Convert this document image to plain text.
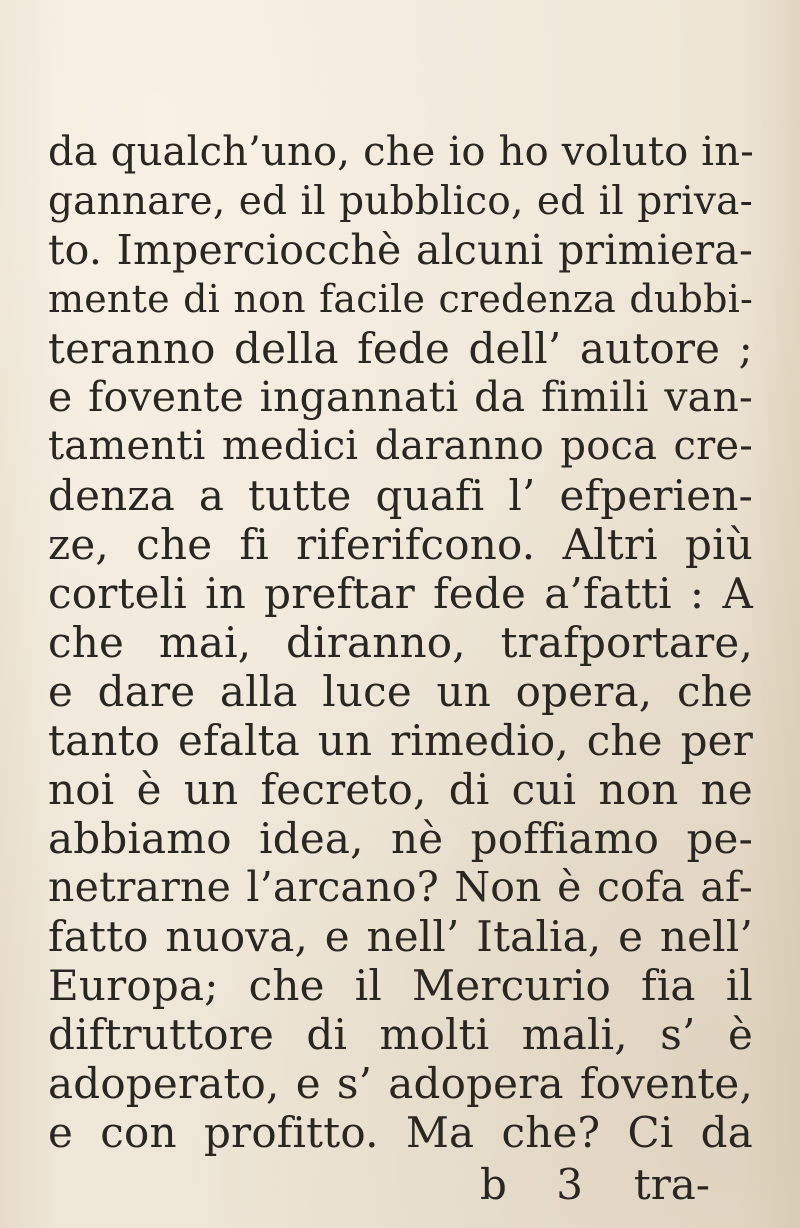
da qualch’uno, che io ho voluto in-
gannare, ed il pubblico, ed il priva-
to. Imperciocchè alcuni primiera-
mente di non facile credenza dubbi-
teranno della fede dell’ autore ;
e fovente ingannati da fimili van-
tamenti medici daranno poca cre-
denza a tutte quafi l’ efperien-
ze, che fi riferifcono. Altri più
corteli in preftar fede a’fatti : A
che mai, diranno, trafportare,
e dare alla luce un opera, che
tanto efalta un rimedio, che per
noi è un fecreto, di cui non ne
abbiamo idea, nè poffiamo pe-
netrarne l’arcano? Non è cofa af-
fatto nuova, e nell’ Italia, e nell’
Europa; che il Mercurio fia il
diftruttore di molti mali, s’ è
adoperato, e s’ adopera fovente,
e con profitto. Ma che? Ci da
b 3 tra-
